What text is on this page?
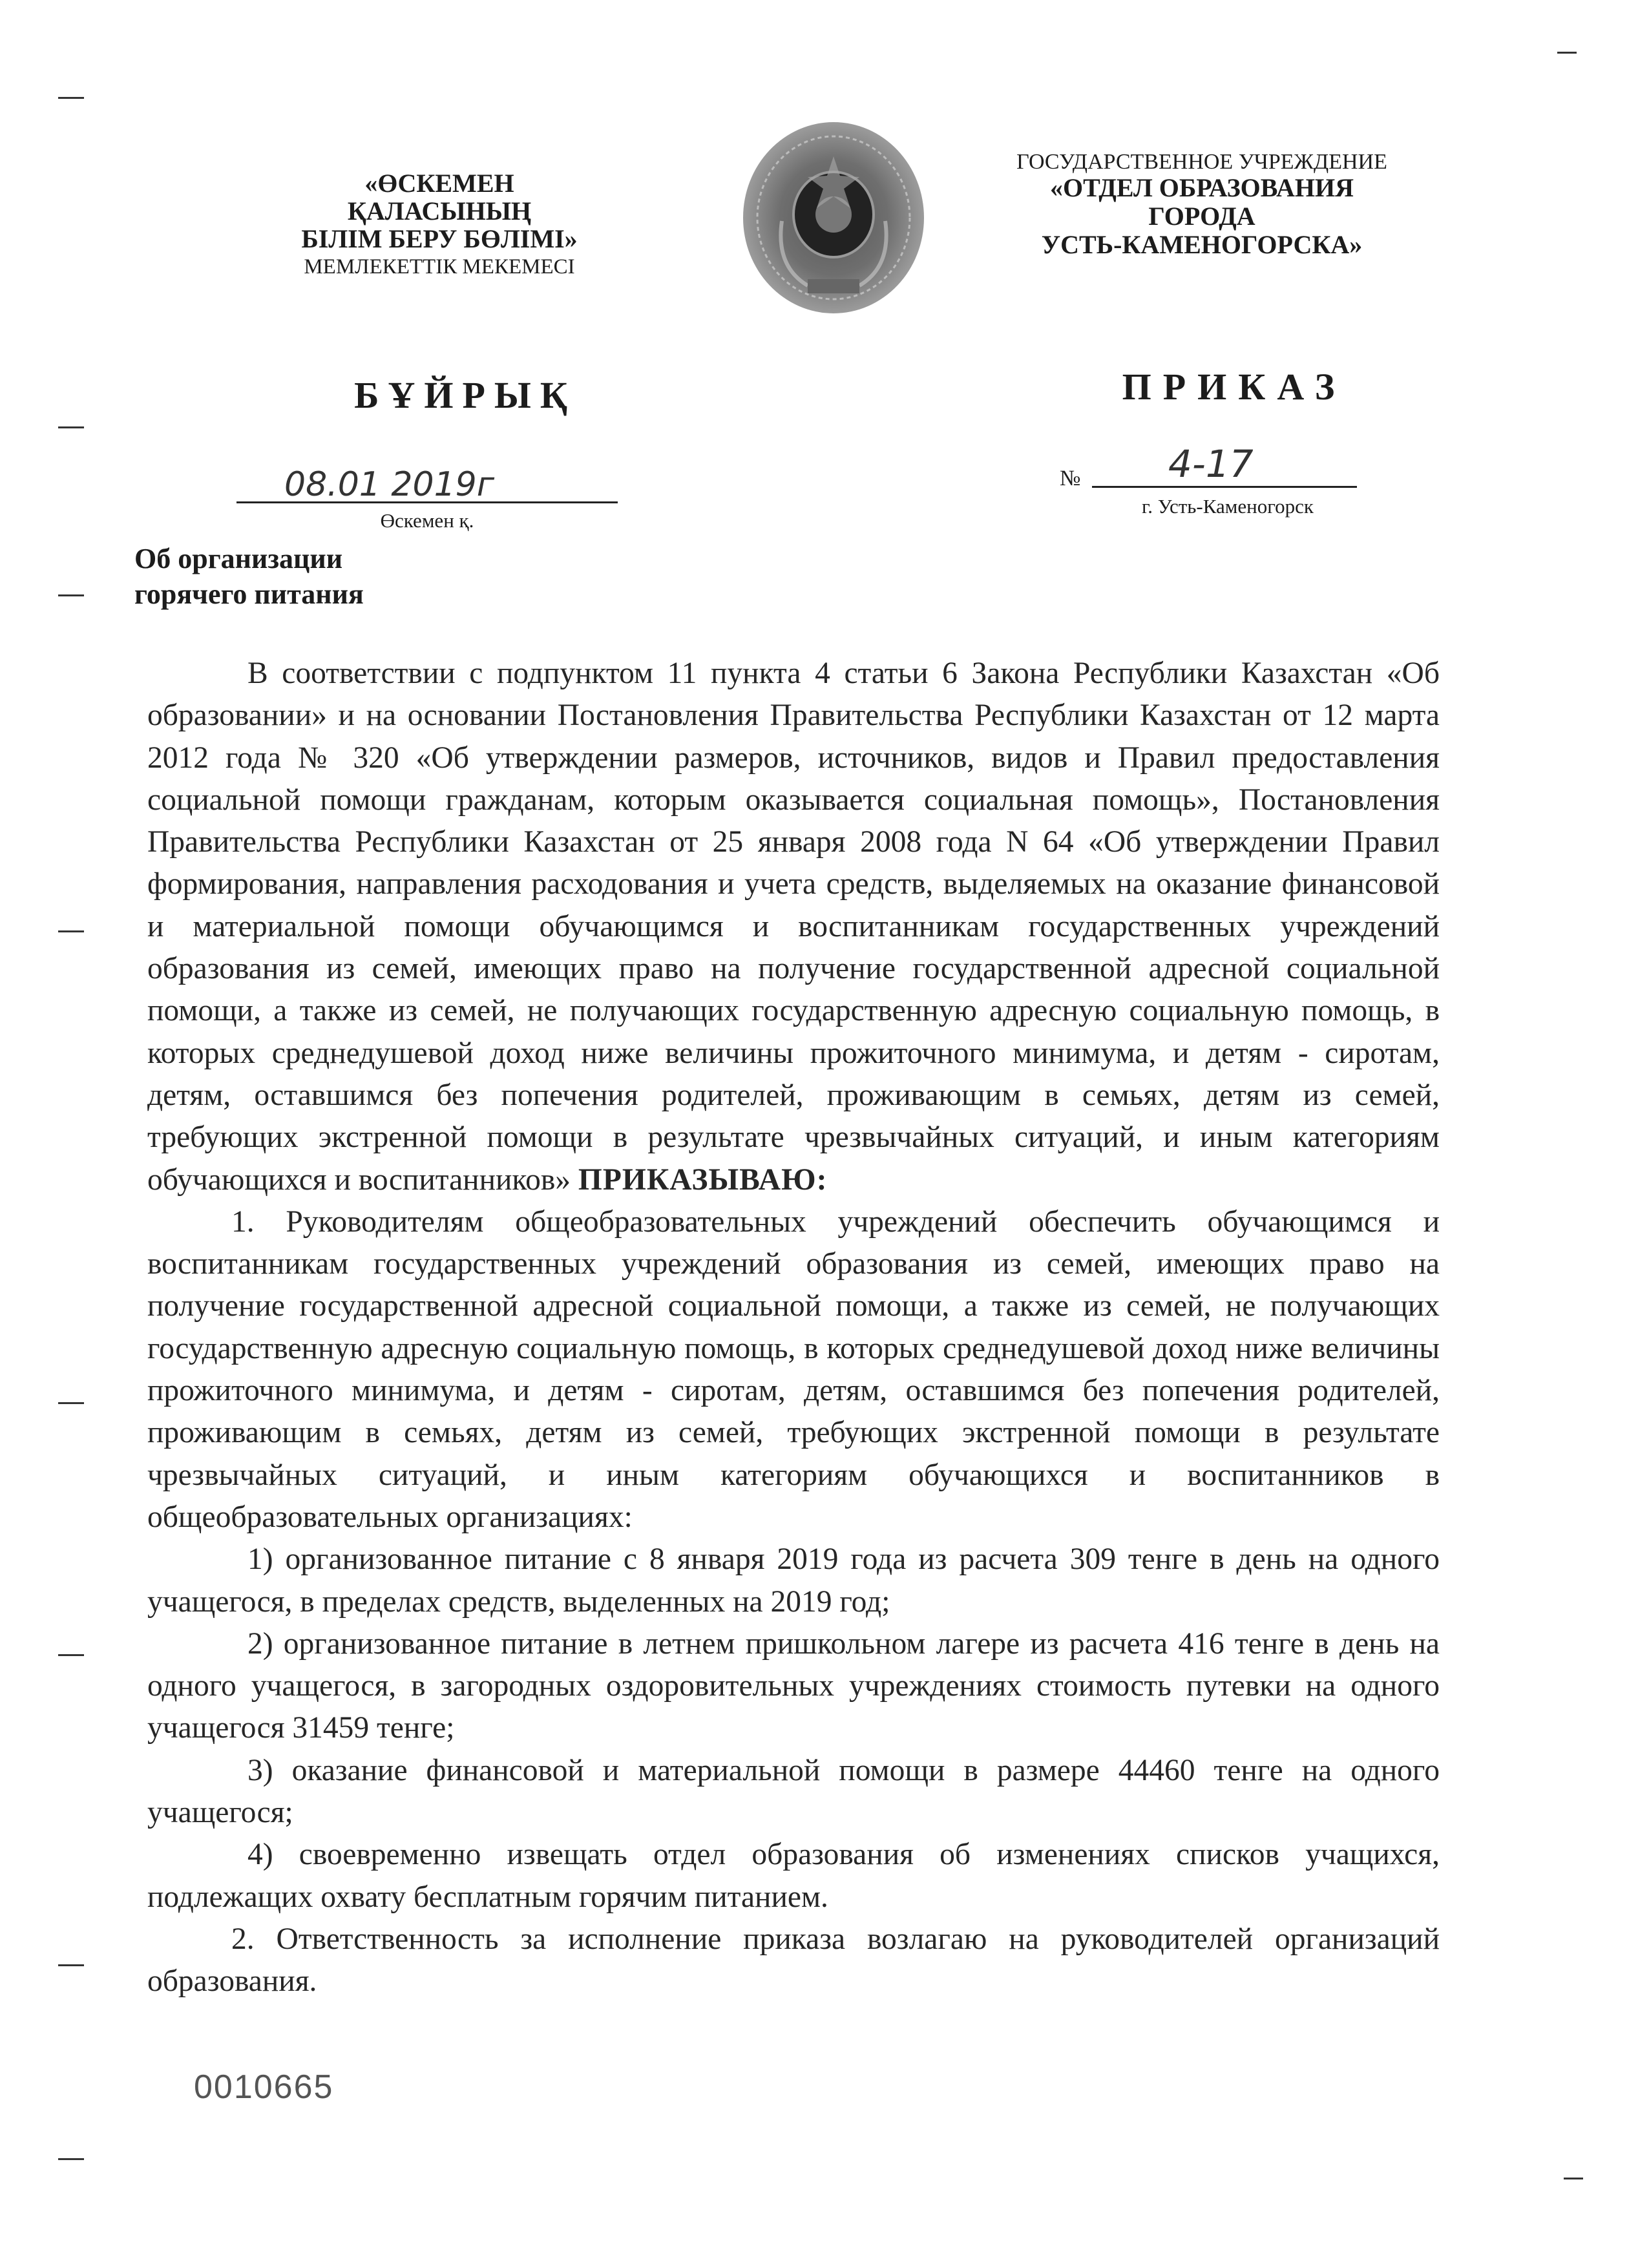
«ӨСКЕМЕН
ҚАЛАСЫНЫҢ
БІЛІМ БЕРУ БӨЛІМІ»
МЕМЛЕКЕТТІК МЕКЕМЕСІ
ГОСУДАРСТВЕННОЕ УЧРЕЖДЕНИЕ
«ОТДЕЛ ОБРАЗОВАНИЯ
ГОРОДА
УСТЬ-КАМЕНОГОРСКА»
БҰЙРЫҚ	ПРИКАЗ
08.01 2019г
Өскемен қ.
№ 4-17
г. Усть-Каменогорск
Об организации
горячего питания

В соответствии с подпунктом 11 пункта 4 статьи 6 Закона Республики Казахстан «Об образовании» и на основании Постановления Правительства Республики Казахстан от 12 марта 2012 года № 320 «Об утверждении размеров, источников, видов и Правил предоставления социальной помощи гражданам, которым оказывается социальная помощь», Постановления Правительства Республики Казахстан от 25 января 2008 года N 64 «Об утверждении Правил формирования, направления расходования и учета средств, выделяемых на оказание финансовой и материальной помощи обучающимся и воспитанникам государственных учреждений образования из семей, имеющих право на получение государственной адресной социальной помощи, а также из семей, не получающих государственную адресную социальную помощь, в которых среднедушевой доход ниже величины прожиточного минимума, и детям - сиротам, детям, оставшимся без попечения родителей, проживающим в семьях, детям из семей, требующих экстренной помощи в результате чрезвычайных ситуаций, и иным категориям обучающихся и воспитанников» ПРИКАЗЫВАЮ:

1. Руководителям общеобразовательных учреждений обеспечить обучающимся и воспитанникам государственных учреждений образования из семей, имеющих право на получение государственной адресной социальной помощи, а также из семей, не получающих государственную адресную социальную помощь, в которых среднедушевой доход ниже величины прожиточного минимума, и детям - сиротам, детям, оставшимся без попечения родителей, проживающим в семьях, детям из семей, требующих экстренной помощи в результате чрезвычайных ситуаций, и иным категориям обучающихся и воспитанников в общеобразовательных организациях:

1) организованное питание с 8 января 2019 года из расчета 309 тенге в день на одного учащегося, в пределах средств, выделенных на 2019 год;

2) организованное питание в летнем пришкольном лагере из расчета 416 тенге в день на одного учащегося, в загородных оздоровительных учреждениях стоимость путевки на одного учащегося 31459 тенге;

3) оказание финансовой и материальной помощи в размере 44460 тенге на одного учащегося;

4) своевременно извещать отдел образования об изменениях списков учащихся, подлежащих охвату бесплатным горячим питанием.

2. Ответственность за исполнение приказа возлагаю на руководителей организаций образования.

0010665
